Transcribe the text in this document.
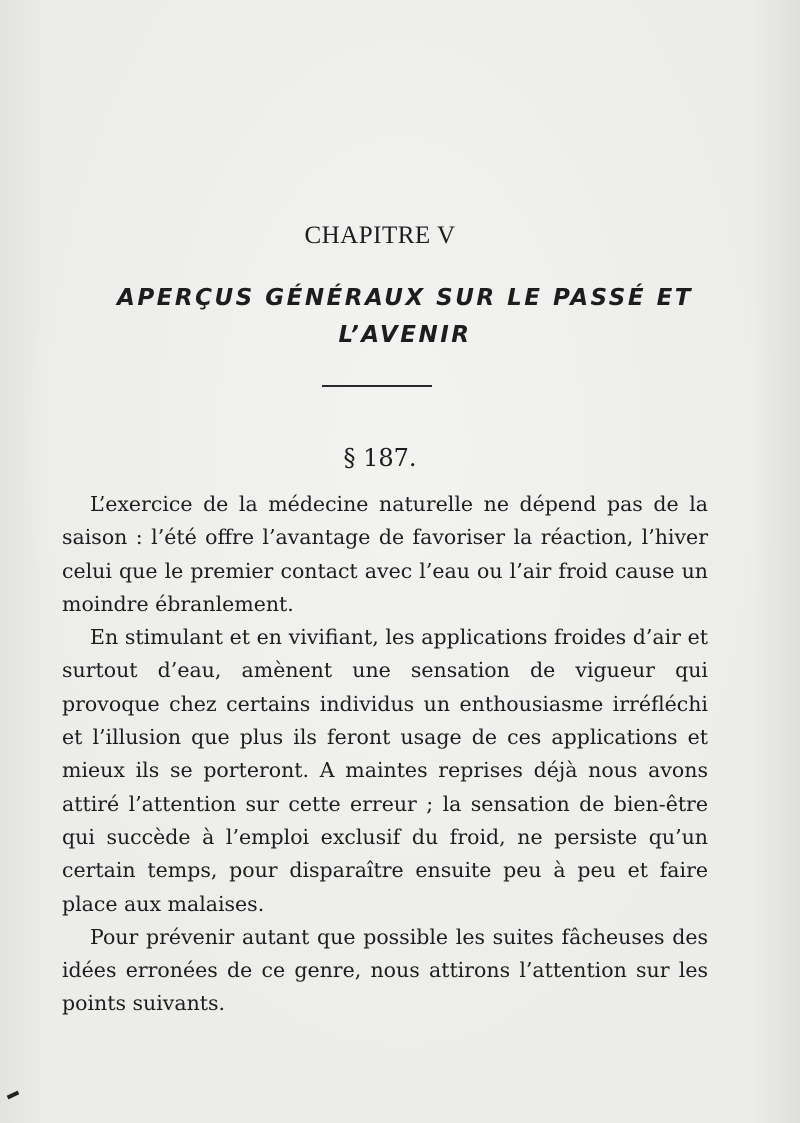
CHAPITRE V
APERÇUS GÉNÉRAUX SUR LE PASSÉ ET L’AVENIR
§ 187.

L’exercice de la médecine naturelle ne dépend pas de la saison : l’été offre l’avantage de favoriser la réaction, l’hiver celui que le premier contact avec l’eau ou l’air froid cause un moindre ébranlement.

En stimulant et en vivifiant, les applications froides d’air et surtout d’eau, amènent une sensation de vigueur qui provoque chez certains individus un enthousiasme irréfléchi et l’illusion que plus ils feront usage de ces applications et mieux ils se porteront. A maintes reprises déjà nous avons attiré l’attention sur cette erreur ; la sensation de bien-être qui succède à l’emploi exclusif du froid, ne persiste qu’un certain temps, pour disparaître ensuite peu à peu et faire place aux malaises.

Pour prévenir autant que possible les suites fâcheuses des idées erronées de ce genre, nous attirons l’attention sur les points suivants.
